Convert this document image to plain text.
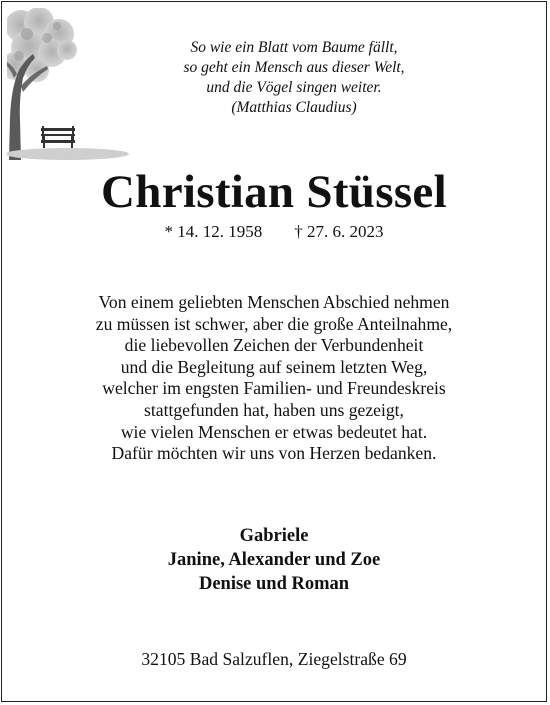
So wie ein Blatt vom Baume fällt,
so geht ein Mensch aus dieser Welt,
und die Vögel singen weiter.
(Matthias Claudius)
Christian Stüssel
* 14. 12. 1958 † 27. 6. 2023
Von einem geliebten Menschen Abschied nehmen
zu müssen ist schwer, aber die große Anteilnahme,
die liebevollen Zeichen der Verbundenheit
und die Begleitung auf seinem letzten Weg,
welcher im engsten Familien- und Freundeskreis
stattgefunden hat, haben uns gezeigt,
wie vielen Menschen er etwas bedeutet hat.
Dafür möchten wir uns von Herzen bedanken.
Gabriele
Janine, Alexander und Zoe
Denise und Roman
32105 Bad Salzuflen, Ziegelstraße 69
